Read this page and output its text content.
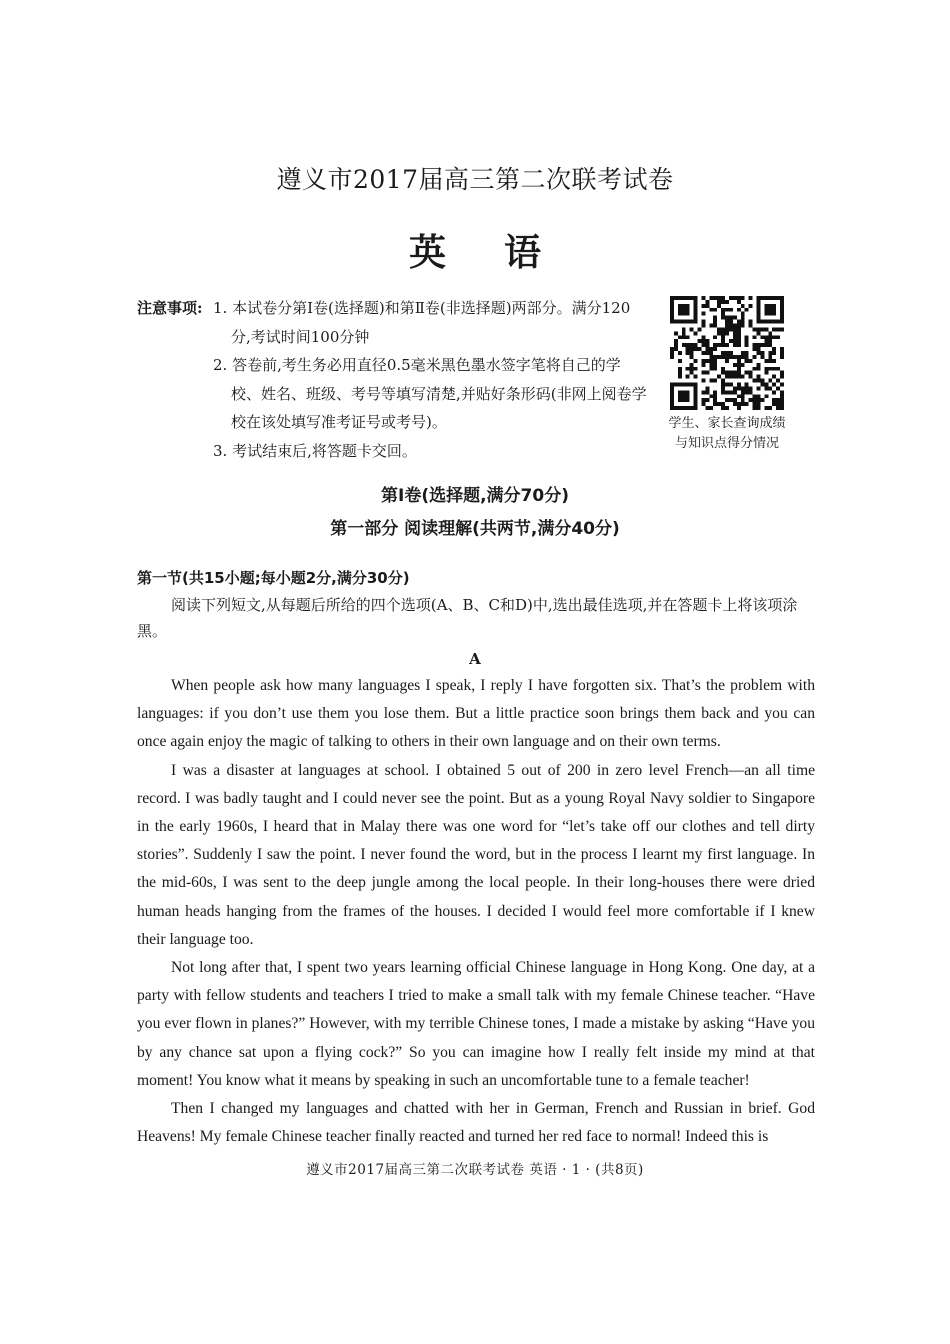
遵义市2017届高三第二次联考试卷
英语
注意事项: 1. 本试卷分第Ⅰ卷(选择题)和第Ⅱ卷(非选择题)两部分。满分120分,考试时间100分钟
2. 答卷前,考生务必用直径0.5毫米黑色墨水签字笔将自己的学校、姓名、班级、考号等填写清楚,并贴好条形码(非网上阅卷学校在该处填写准考证号或考号)。
3. 考试结束后,将答题卡交回。
学生、家长查询成绩
与知识点得分情况
第Ⅰ卷(选择题,满分70分)
第一部分 阅读理解(共两节,满分40分)
第一节(共15小题;每小题2分,满分30分)
阅读下列短文,从每题后所给的四个选项(A、B、C和D)中,选出最佳选项,并在答题卡上将该项涂黑。
A

When people ask how many languages I speak, I reply I have forgotten six. That’s the problem with languages: if you don’t use them you lose them. But a little practice soon brings them back and you can once again enjoy the magic of talking to others in their own language and on their own terms.

I was a disaster at languages at school. I obtained 5 out of 200 in zero level French—an all time record. I was badly taught and I could never see the point. But as a young Royal Navy soldier to Singapore in the early 1960s, I heard that in Malay there was one word for “let’s take off our clothes and tell dirty stories”. Suddenly I saw the point. I never found the word, but in the process I learnt my first language. In the mid-60s, I was sent to the deep jungle among the local people. In their long-houses there were dried human heads hanging from the frames of the houses. I decided I would feel more comfortable if I knew their language too.

Not long after that, I spent two years learning official Chinese language in Hong Kong. One day, at a party with fellow students and teachers I tried to make a small talk with my female Chinese teacher. “Have you ever flown in planes?” However, with my terrible Chinese tones, I made a mistake by asking “Have you by any chance sat upon a flying cock?” So you can imagine how I really felt inside my mind at that moment! You know what it means by speaking in such an uncomfortable tune to a female teacher!

Then I changed my languages and chatted with her in German, French and Russian in brief. God Heavens! My female Chinese teacher finally reacted and turned her red face to normal! Indeed this is

遵义市2017届高三第二次联考试卷 英语 · 1 · (共8页)
